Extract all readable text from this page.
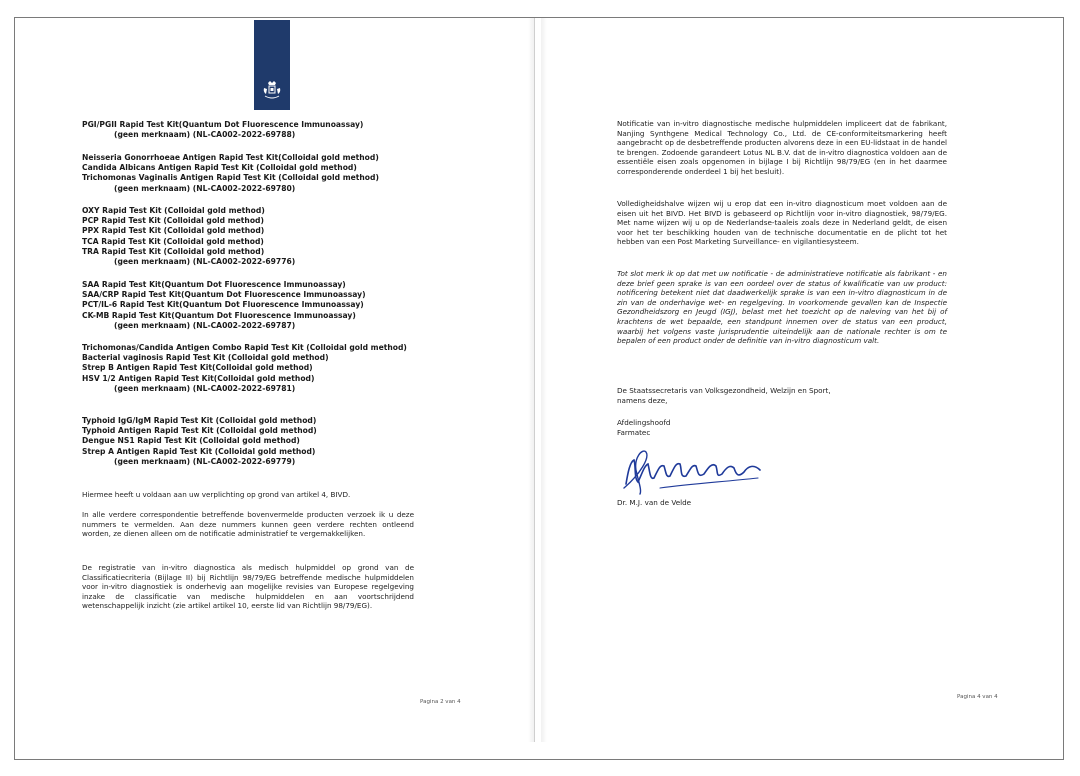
PGI/PGII Rapid Test Kit(Quantum Dot Fluorescence Immunoassay)
(geen merknaam) (NL-CA002-2022-69788)
Neisseria Gonorrhoeae Antigen Rapid Test Kit(Colloidal gold method)
Candida Albicans Antigen Rapid Test Kit (Colloidal gold method)
Trichomonas Vaginalis Antigen Rapid Test Kit (Colloidal gold method)
(geen merknaam) (NL-CA002-2022-69780)
OXY Rapid Test Kit (Colloidal gold method)
PCP Rapid Test Kit (Colloidal gold method)
PPX Rapid Test Kit (Colloidal gold method)
TCA Rapid Test Kit (Colloidal gold method)
TRA Rapid Test Kit (Colloidal gold method)
(geen merknaam) (NL-CA002-2022-69776)
SAA Rapid Test Kit(Quantum Dot Fluorescence Immunoassay)
SAA/CRP Rapid Test Kit(Quantum Dot Fluorescence Immunoassay)
PCT/IL-6 Rapid Test Kit(Quantum Dot Fluorescence Immunoassay)
CK-MB Rapid Test Kit(Quantum Dot Fluorescence Immunoassay)
(geen merknaam) (NL-CA002-2022-69787)
Trichomonas/Candida Antigen Combo Rapid Test Kit (Colloidal gold method)
Bacterial vaginosis Rapid Test Kit (Colloidal gold method)
Strep B Antigen Rapid Test Kit(Colloidal gold method)
HSV 1/2 Antigen Rapid Test Kit(Colloidal gold method)
(geen merknaam) (NL-CA002-2022-69781)
Typhoid IgG/IgM Rapid Test Kit (Colloidal gold method)
Typhoid Antigen Rapid Test Kit (Colloidal gold method)
Dengue NS1 Rapid Test Kit (Colloidal gold method)
Strep A Antigen Rapid Test Kit (Colloidal gold method)
(geen merknaam) (NL-CA002-2022-69779)
Hiermee heeft u voldaan aan uw verplichting op grond van artikel 4, BIVD.
In alle verdere correspondentie betreffende bovenvermelde producten verzoek ik u deze nummers te vermelden. Aan deze nummers kunnen geen verdere rechten ontleend worden, ze dienen alleen om de notificatie administratief te vergemakkelijken.
De registratie van in-vitro diagnostica als medisch hulpmiddel op grond van de Classificatiecriteria (Bijlage II) bij Richtlijn 98/79/EG betreffende medische hulpmiddelen voor in-vitro diagnostiek is onderhevig aan mogelijke revisies van Europese regelgeving inzake de classificatie van medische hulpmiddelen en aan voortschrijdend wetenschappelijk inzicht (zie artikel artikel 10, eerste lid van Richtlijn 98/79/EG).
Pagina 2 van 4
Notificatie van in-vitro diagnostische medische hulpmiddelen impliceert dat de fabrikant, Nanjing Synthgene Medical Technology Co., Ltd. de CE-conformiteitsmarkering heeft aangebracht op de desbetreffende producten alvorens deze in een EU-lidstaat in de handel te brengen. Zodoende garandeert Lotus NL B.V. dat de in-vitro diagnostica voldoen aan de essentiële eisen zoals opgenomen in bijlage I bij Richtlijn 98/79/EG (en in het daarmee corresponderende onderdeel 1 bij het besluit).
Volledigheidshalve wijzen wij u erop dat een in-vitro diagnosticum moet voldoen aan de eisen uit het BIVD. Het BIVD is gebaseerd op Richtlijn voor in-vitro diagnostiek, 98/79/EG. Met name wijzen wij u op de Nederlandse-taaleis zoals deze in Nederland geldt, de eisen voor het ter beschikking houden van de technische documentatie en de plicht tot het hebben van een Post Marketing Surveillance- en vigilantiesysteem.
Tot slot merk ik op dat met uw notificatie - de administratieve notificatie als fabrikant - en deze brief geen sprake is van een oordeel over de status of kwalificatie van uw product: notificering betekent niet dat daadwerkelijk sprake is van een in-vitro diagnosticum in de zin van de onderhavige wet- en regelgeving. In voorkomende gevallen kan de Inspectie Gezondheidszorg en Jeugd (IGJ), belast met het toezicht op de naleving van het bij of krachtens de wet bepaalde, een standpunt innemen over de status van een product, waarbij het volgens vaste jurisprudentie uiteindelijk aan de nationale rechter is om te bepalen of een product onder de definitie van in-vitro diagnosticum valt.
De Staatssecretaris van Volksgezondheid, Welzijn en Sport,
namens deze,
Afdelingshoofd
Farmatec
Dr. M.J. van de Velde
Pagina 4 van 4
